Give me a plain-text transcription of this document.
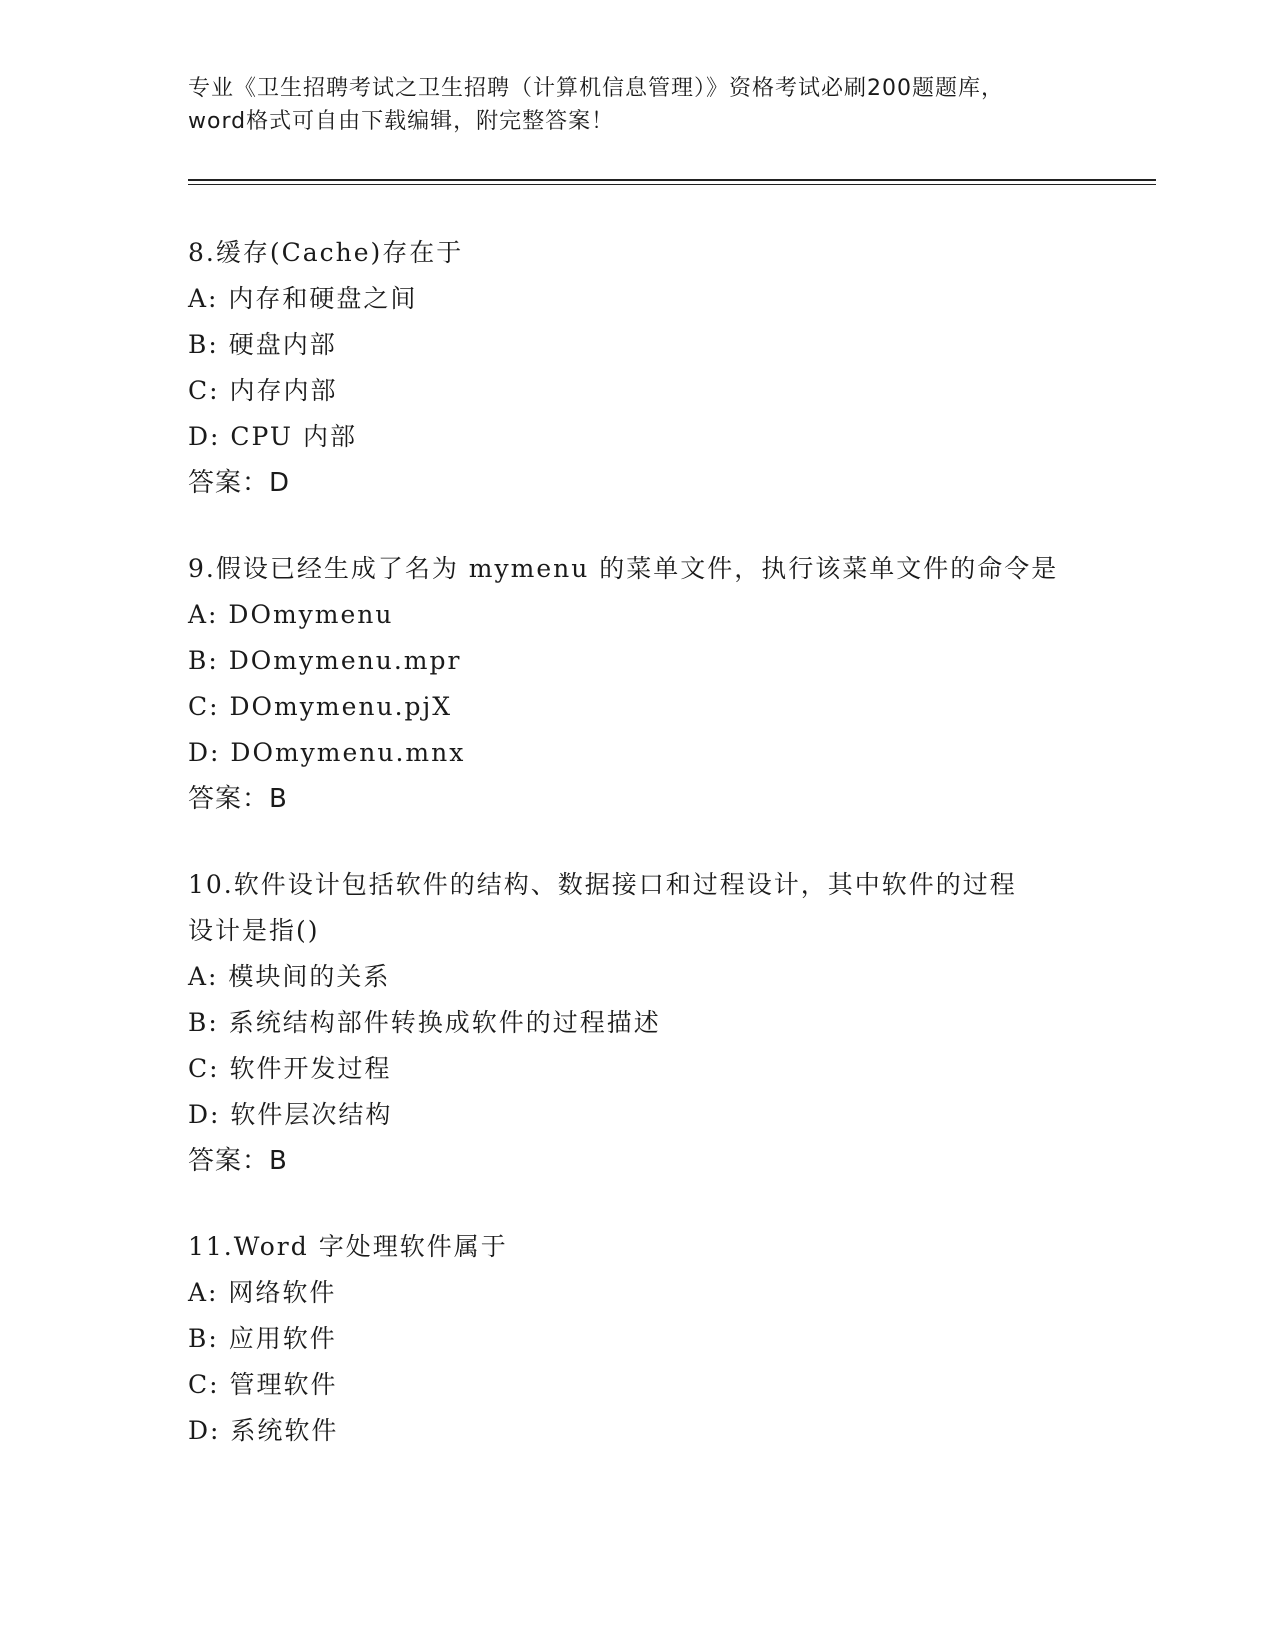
专业《卫生招聘考试之卫生招聘（计算机信息管理）》资格考试必刷200题题库，
word格式可自由下载编辑，附完整答案！
8.缓存(Cache)存在于
A: 内存和硬盘之间
B: 硬盘内部
C: 内存内部
D: CPU 内部
答案：D
9.假设已经生成了名为 mymenu 的菜单文件，执行该菜单文件的命令是
A: DOmymenu
B: DOmymenu.mpr
C: DOmymenu.pjX
D: DOmymenu.mnx
答案：B
10.软件设计包括软件的结构、数据接口和过程设计，其中软件的过程
设计是指()
A: 模块间的关系
B: 系统结构部件转换成软件的过程描述
C: 软件开发过程
D: 软件层次结构
答案：B
11.Word 字处理软件属于
A: 网络软件
B: 应用软件
C: 管理软件
D: 系统软件
